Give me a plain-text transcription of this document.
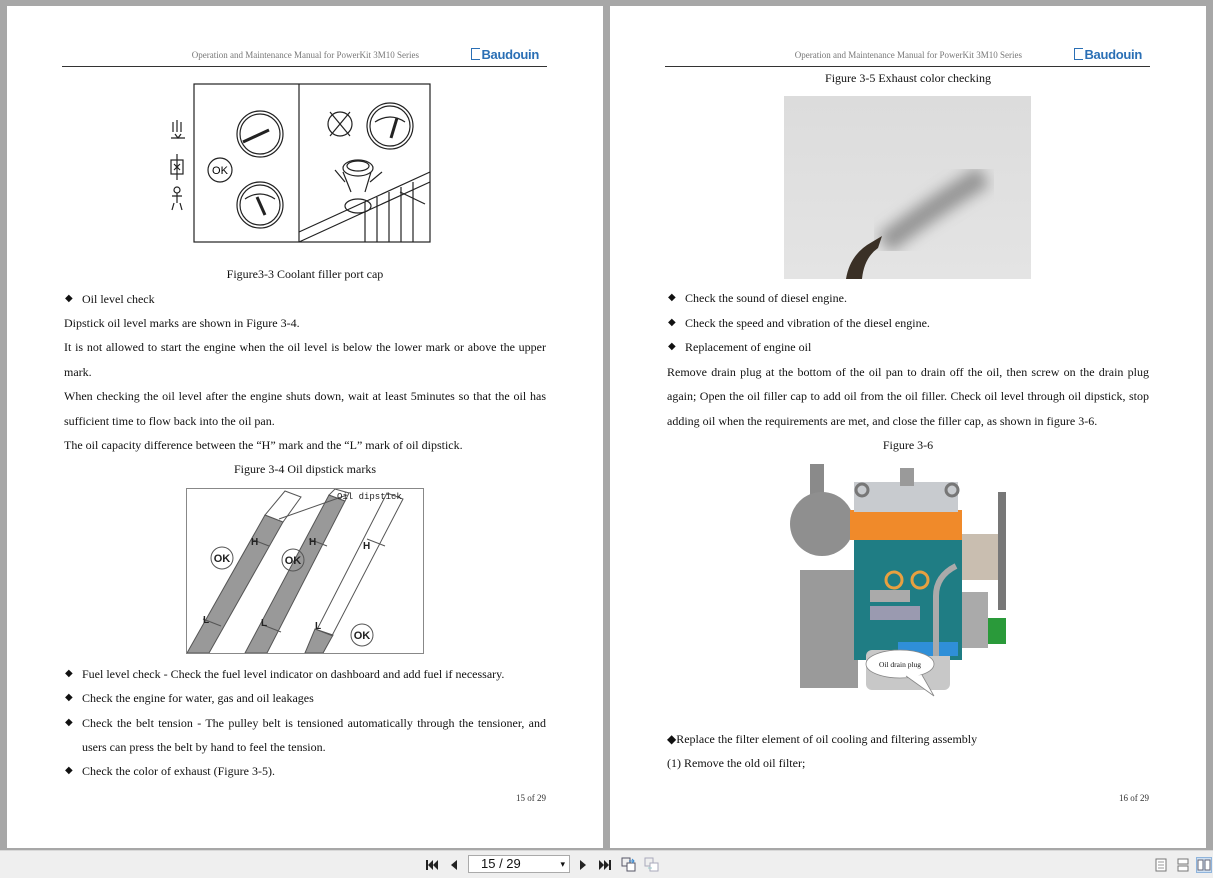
Operation and Maintenance Manual for PowerKit 3M10 Series	Baudouin
OK
Figure3-3 Coolant filler port cap
◆ Oil level check
Dipstick oil level marks are shown in Figure 3-4.
It is not allowed to start the engine when the oil level is below the lower mark or above the upper
mark.
When checking the oil level after the engine shuts down, wait at least 5minutes so that the oil has
sufficient time to flow back into the oil pan.
The oil capacity difference between the “H” mark and the “L” mark of oil dipstick.
Figure 3-4 Oil dipstick marks
H	H	H
L	L	L
OK	OK
OK
Oil dipstick
◆ Fuel level check - Check the fuel level indicator on dashboard and add fuel if necessary.
◆ Check the engine for water, gas and oil leakages
◆ Check the belt tension - The pulley belt is tensioned automatically through the tensioner, and
users can press the belt by hand to feel the tension.
◆ Check the color of exhaust (Figure 3-5).
15 of 29
Operation and Maintenance Manual for PowerKit 3M10 Series	Baudouin
Figure 3-5 Exhaust color checking
◆ Check the sound of diesel engine.
◆ Check the speed and vibration of the diesel engine.
◆ Replacement of engine oil
Remove drain plug at the bottom of the oil pan to drain off the oil, then screw on the drain plug
again; Open the oil filler cap to add oil from the oil filler. Check oil level through oil dipstick, stop
adding oil when the requirements are met, and close the filler cap, as shown in figure 3-6.
Figure 3-6
Oil drain plug
◆Replace the filter element of oil cooling and filtering assembly
(1) Remove the old oil filter;
16 of 29
15 / 29	▾
